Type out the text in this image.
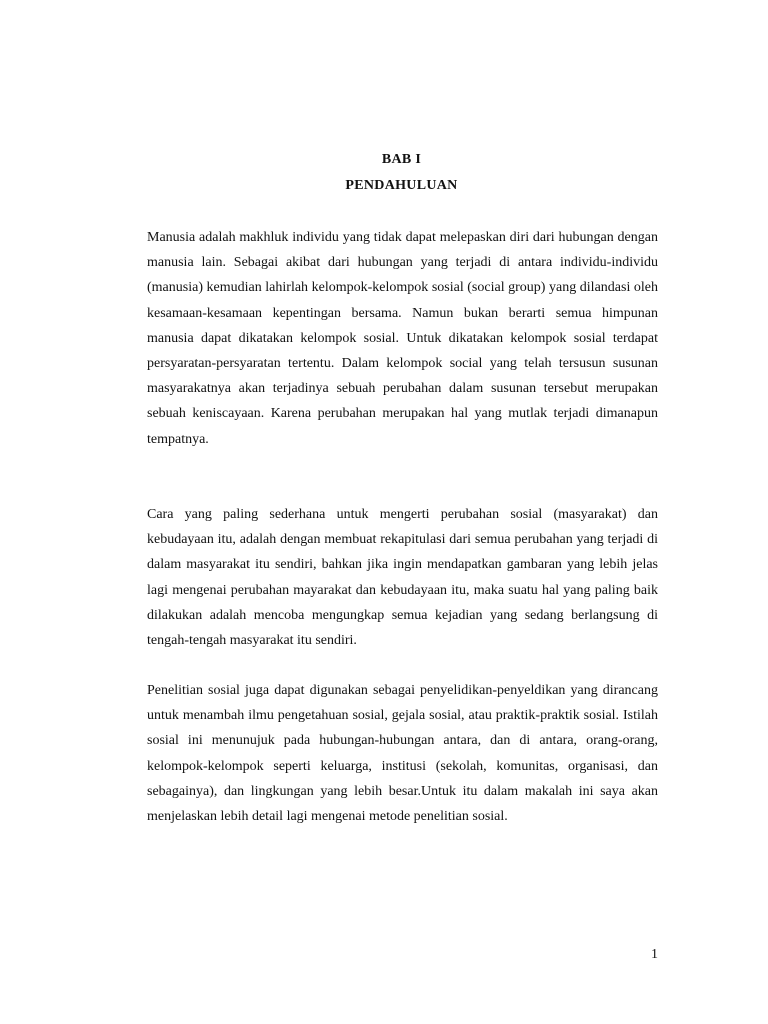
BAB I
PENDAHULUAN

Manusia adalah makhluk individu yang tidak dapat melepaskan diri dari hubungan dengan manusia lain. Sebagai akibat dari hubungan yang terjadi di antara individu-individu (manusia) kemudian lahirlah kelompok-kelompok sosial (social group) yang dilandasi oleh kesamaan-kesamaan kepentingan bersama. Namun bukan berarti semua himpunan manusia dapat dikatakan kelompok sosial. Untuk dikatakan kelompok sosial terdapat persyaratan-persyaratan tertentu. Dalam kelompok social yang telah tersusun susunan masyarakatnya akan terjadinya sebuah perubahan dalam susunan tersebut merupakan sebuah keniscayaan. Karena perubahan merupakan hal yang mutlak terjadi dimanapun tempatnya.

Cara yang paling sederhana untuk mengerti perubahan sosial (masyarakat) dan kebudayaan itu, adalah dengan membuat rekapitulasi dari semua perubahan yang terjadi di dalam masyarakat itu sendiri, bahkan jika ingin mendapatkan gambaran yang lebih jelas lagi mengenai perubahan mayarakat dan kebudayaan itu, maka suatu hal yang paling baik dilakukan adalah mencoba mengungkap semua kejadian yang sedang berlangsung di tengah-tengah masyarakat itu sendiri.

Penelitian sosial juga dapat digunakan sebagai penyelidikan-penyeldikan yang dirancang untuk menambah ilmu pengetahuan sosial, gejala sosial, atau praktik-praktik sosial. Istilah sosial ini menunujuk pada hubungan-hubungan antara, dan di antara, orang-orang, kelompok-kelompok seperti keluarga, institusi (sekolah, komunitas, organisasi, dan sebagainya), dan lingkungan yang lebih besar.Untuk itu dalam makalah ini saya akan menjelaskan lebih detail lagi mengenai metode penelitian sosial.

1
